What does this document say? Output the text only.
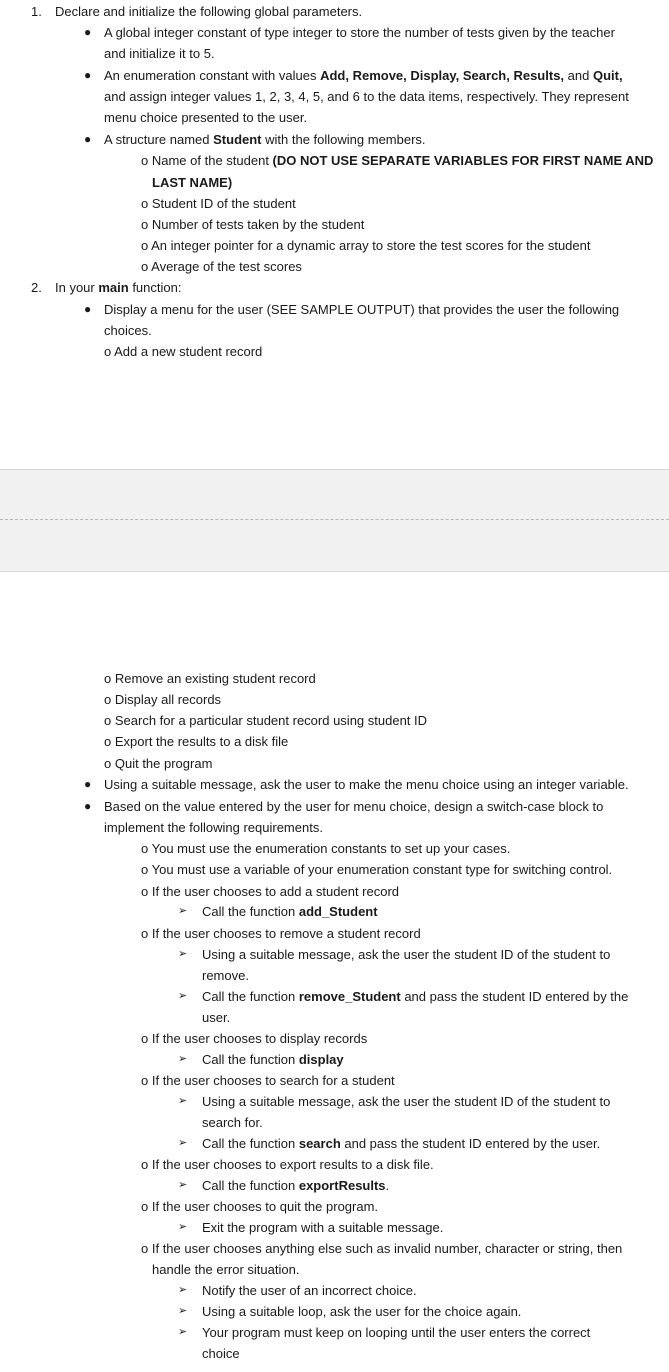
1. Declare and initialize the following global parameters.
● A global integer constant of type integer to store the number of tests given by the teacher
and initialize it to 5.
● An enumeration constant with values Add, Remove, Display, Search, Results, and Quit,
and assign integer values 1, 2, 3, 4, 5, and 6 to the data items, respectively. They represent
menu choice presented to the user.
● A structure named Student with the following members.
o Name of the student (DO NOT USE SEPARATE VARIABLES FOR FIRST NAME AND
LAST NAME)
o Student ID of the student
o Number of tests taken by the student
o An integer pointer for a dynamic array to store the test scores for the student
o Average of the test scores
2. In your main function:
● Display a menu for the user (SEE SAMPLE OUTPUT) that provides the user the following
choices.
o Add a new student record
o Remove an existing student record
o Display all records
o Search for a particular student record using student ID
o Export the results to a disk file
o Quit the program
● Using a suitable message, ask the user to make the menu choice using an integer variable.
● Based on the value entered by the user for menu choice, design a switch-case block to
implement the following requirements.
o You must use the enumeration constants to set up your cases.
o You must use a variable of your enumeration constant type for switching control.
o If the user chooses to add a student record
➢ Call the function add_Student
o If the user chooses to remove a student record
➢ Using a suitable message, ask the user the student ID of the student to
remove.
➢ Call the function remove_Student and pass the student ID entered by the
user.
o If the user chooses to display records
➢ Call the function display
o If the user chooses to search for a student
➢ Using a suitable message, ask the user the student ID of the student to
search for.
➢ Call the function search and pass the student ID entered by the user.
o If the user chooses to export results to a disk file.
➢ Call the function exportResults.
o If the user chooses to quit the program.
➢ Exit the program with a suitable message.
o If the user chooses anything else such as invalid number, character or string, then
handle the error situation.
➢ Notify the user of an incorrect choice.
➢ Using a suitable loop, ask the user for the choice again.
➢ Your program must keep on looping until the user enters the correct
choice
